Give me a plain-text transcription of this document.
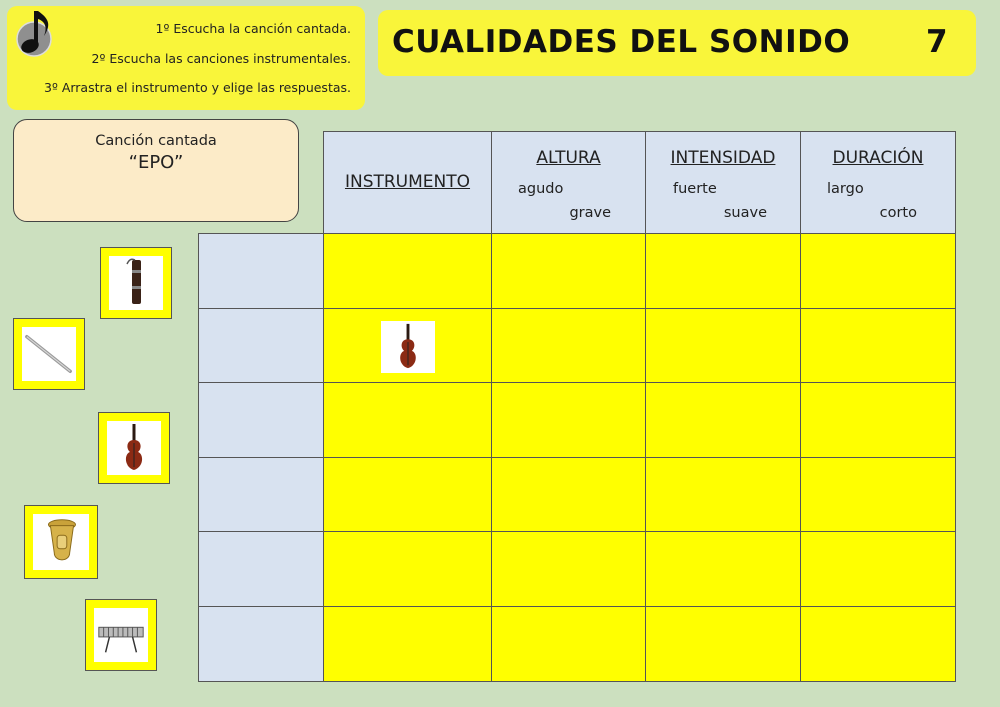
1º Escucha la canción cantada.
2º Escucha las canciones instrumentales.
3º Arrastra el instrumento y elige las respuestas.
CUALIDADES DEL SONIDO 7
Canción cantada
“EPO”
INSTRUMENTO
ALTURA
agudo
grave
INTENSIDAD
fuerte
suave
DURACIÓN
largo
corto
